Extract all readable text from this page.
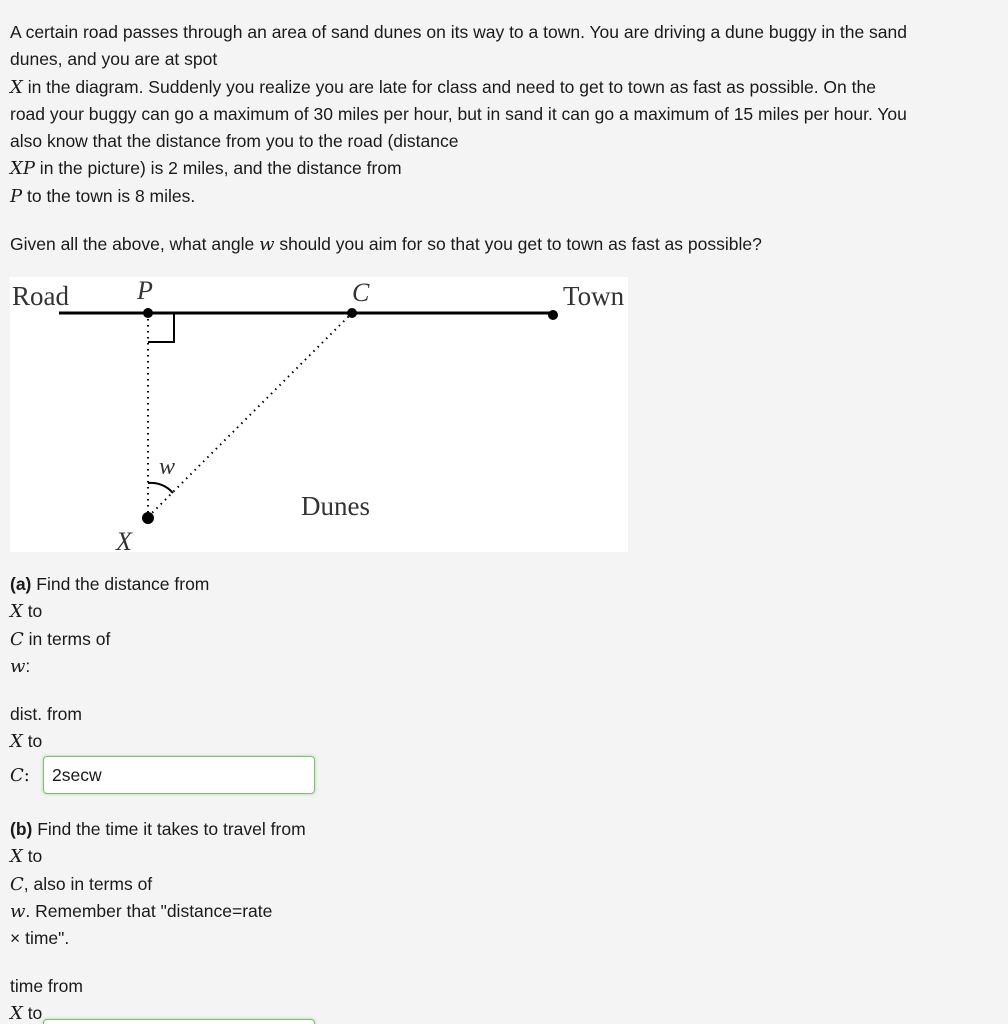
A certain road passes through an area of sand dunes on its way to a town. You are driving a dune buggy in the sand
dunes, and you are at spot
X in the diagram. Suddenly you realize you are late for class and need to get to town as fast as possible. On the
road your buggy can go a maximum of 30 miles per hour, but in sand it can go a maximum of 15 miles per hour. You
also know that the distance from you to the road (distance
XP in the picture) is 2 miles, and the distance from
P to the town is 8 miles.
Given all the above, what angle w should you aim for so that you get to town as fast as possible?
Road	P	C	Town
w
Dunes
X
(a) Find the distance from
X to
C in terms of
w:
dist. from
X to
C:
2secw
(b) Find the time it takes to travel from
X to
C, also in terms of
w. Remember that "distance=rate
× time".
time from
X to
